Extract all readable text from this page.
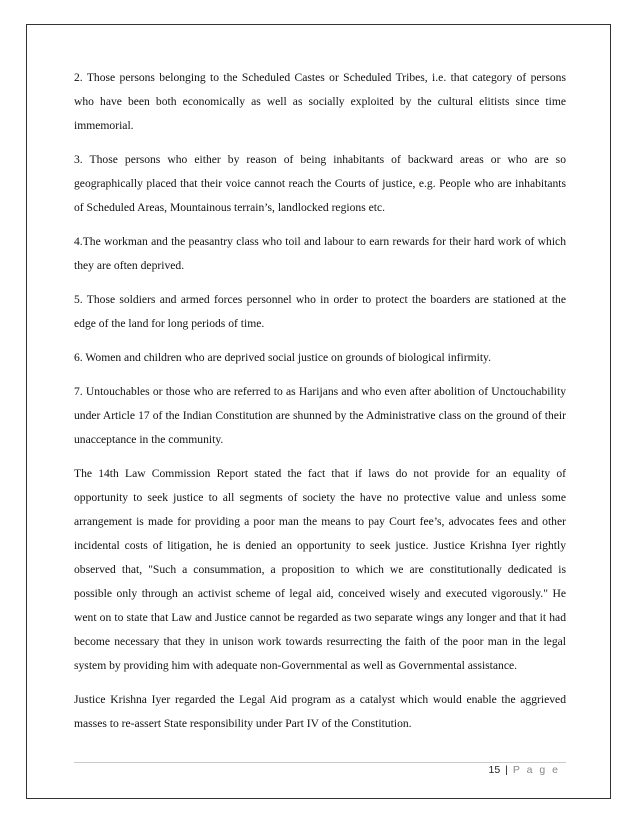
2. Those persons belonging to the Scheduled Castes or Scheduled Tribes, i.e. that category of persons who have been both economically as well as socially exploited by the cultural elitists since time immemorial.

3. Those persons who either by reason of being inhabitants of backward areas or who are so geographically placed that their voice cannot reach the Courts of justice, e.g. People who are inhabitants of Scheduled Areas, Mountainous terrain’s, landlocked regions etc.

4.The workman and the peasantry class who toil and labour to earn rewards for their hard work of which they are often deprived.

5. Those soldiers and armed forces personnel who in order to protect the boarders are stationed at the edge of the land for long periods of time.

6. Women and children who are deprived social justice on grounds of biological infirmity.

7. Untouchables or those who are referred to as Harijans and who even after abolition of Unctouchability under Article 17 of the Indian Constitution are shunned by the Administrative class on the ground of their unacceptance in the community.

The 14th Law Commission Report stated the fact that if laws do not provide for an equality of opportunity to seek justice to all segments of society the have no protective value and unless some arrangement is made for providing a poor man the means to pay Court fee’s, advocates fees and other incidental costs of litigation, he is denied an opportunity to seek justice. Justice Krishna Iyer rightly observed that, "Such a consummation, a proposition to which we are constitutionally dedicated is possible only through an activist scheme of legal aid, conceived wisely and executed vigorously." He went on to state that Law and Justice cannot be regarded as two separate wings any longer and that it had become necessary that they in unison work towards resurrecting the faith of the poor man in the legal system by providing him with adequate non-Governmental as well as Governmental assistance.

Justice Krishna Iyer regarded the Legal Aid program as a catalyst which would enable the aggrieved masses to re-assert State responsibility under Part IV of the Constitution.

15 | P a g e
